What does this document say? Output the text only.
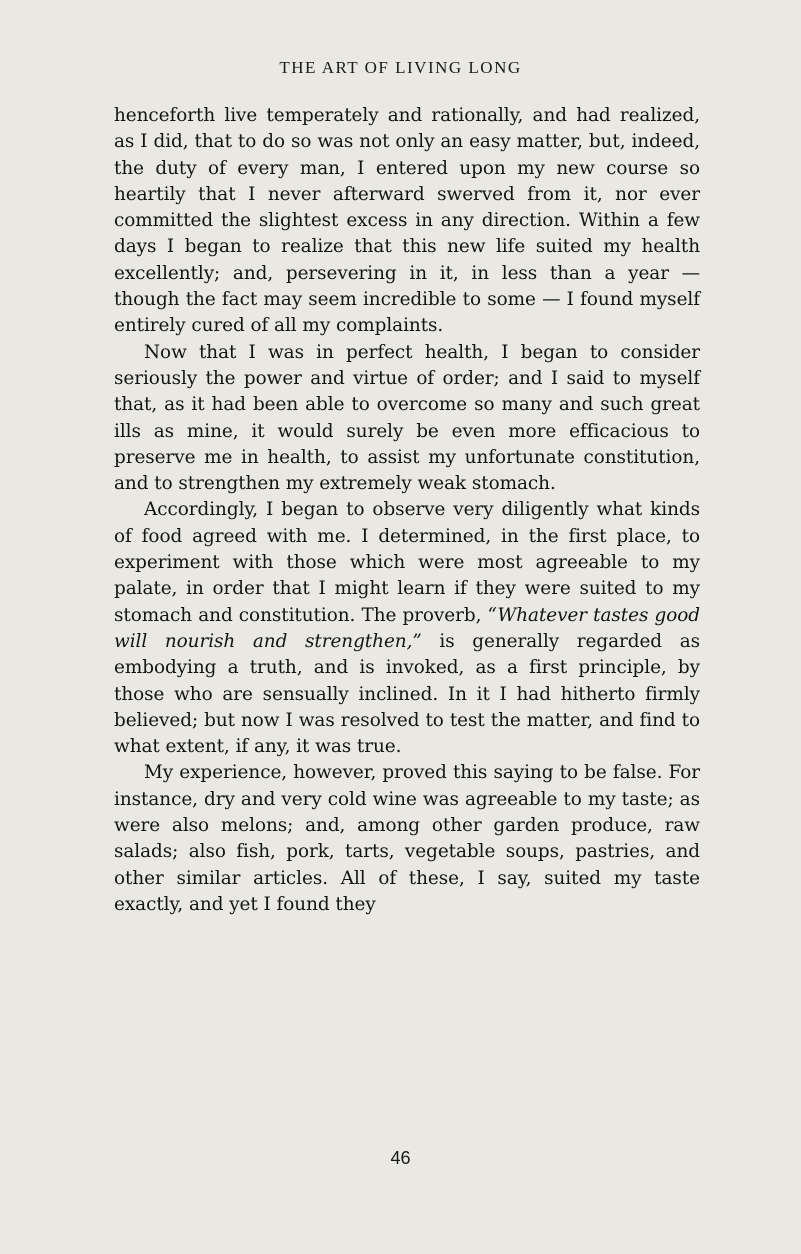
THE ART OF LIVING LONG

henceforth live temperately and rationally, and had realized, as I did, that to do so was not only an easy matter, but, indeed, the duty of every man, I entered upon my new course so heartily that I never afterward swerved from it, nor ever committed the slightest excess in any direction. Within a few days I began to realize that this new life suited my health excellently; and, persevering in it, in less than a year — though the fact may seem incredible to some — I found myself entirely cured of all my complaints.

Now that I was in perfect health, I began to consider seriously the power and virtue of order; and I said to myself that, as it had been able to overcome so many and such great ills as mine, it would surely be even more efficacious to preserve me in health, to assist my unfortunate constitution, and to strengthen my extremely weak stomach.

Accordingly, I began to observe very diligently what kinds of food agreed with me. I determined, in the first place, to experiment with those which were most agreeable to my palate, in order that I might learn if they were suited to my stomach and constitution. The proverb, “Whatever tastes good will nourish and strengthen,” is generally regarded as embodying a truth, and is invoked, as a first principle, by those who are sensually inclined. In it I had hitherto firmly believed; but now I was resolved to test the matter, and find to what extent, if any, it was true.

My experience, however, proved this saying to be false. For instance, dry and very cold wine was agreeable to my taste; as were also melons; and, among other garden produce, raw salads; also fish, pork, tarts, vegetable soups, pastries, and other similar articles. All of these, I say, suited my taste exactly, and yet I found they

46
